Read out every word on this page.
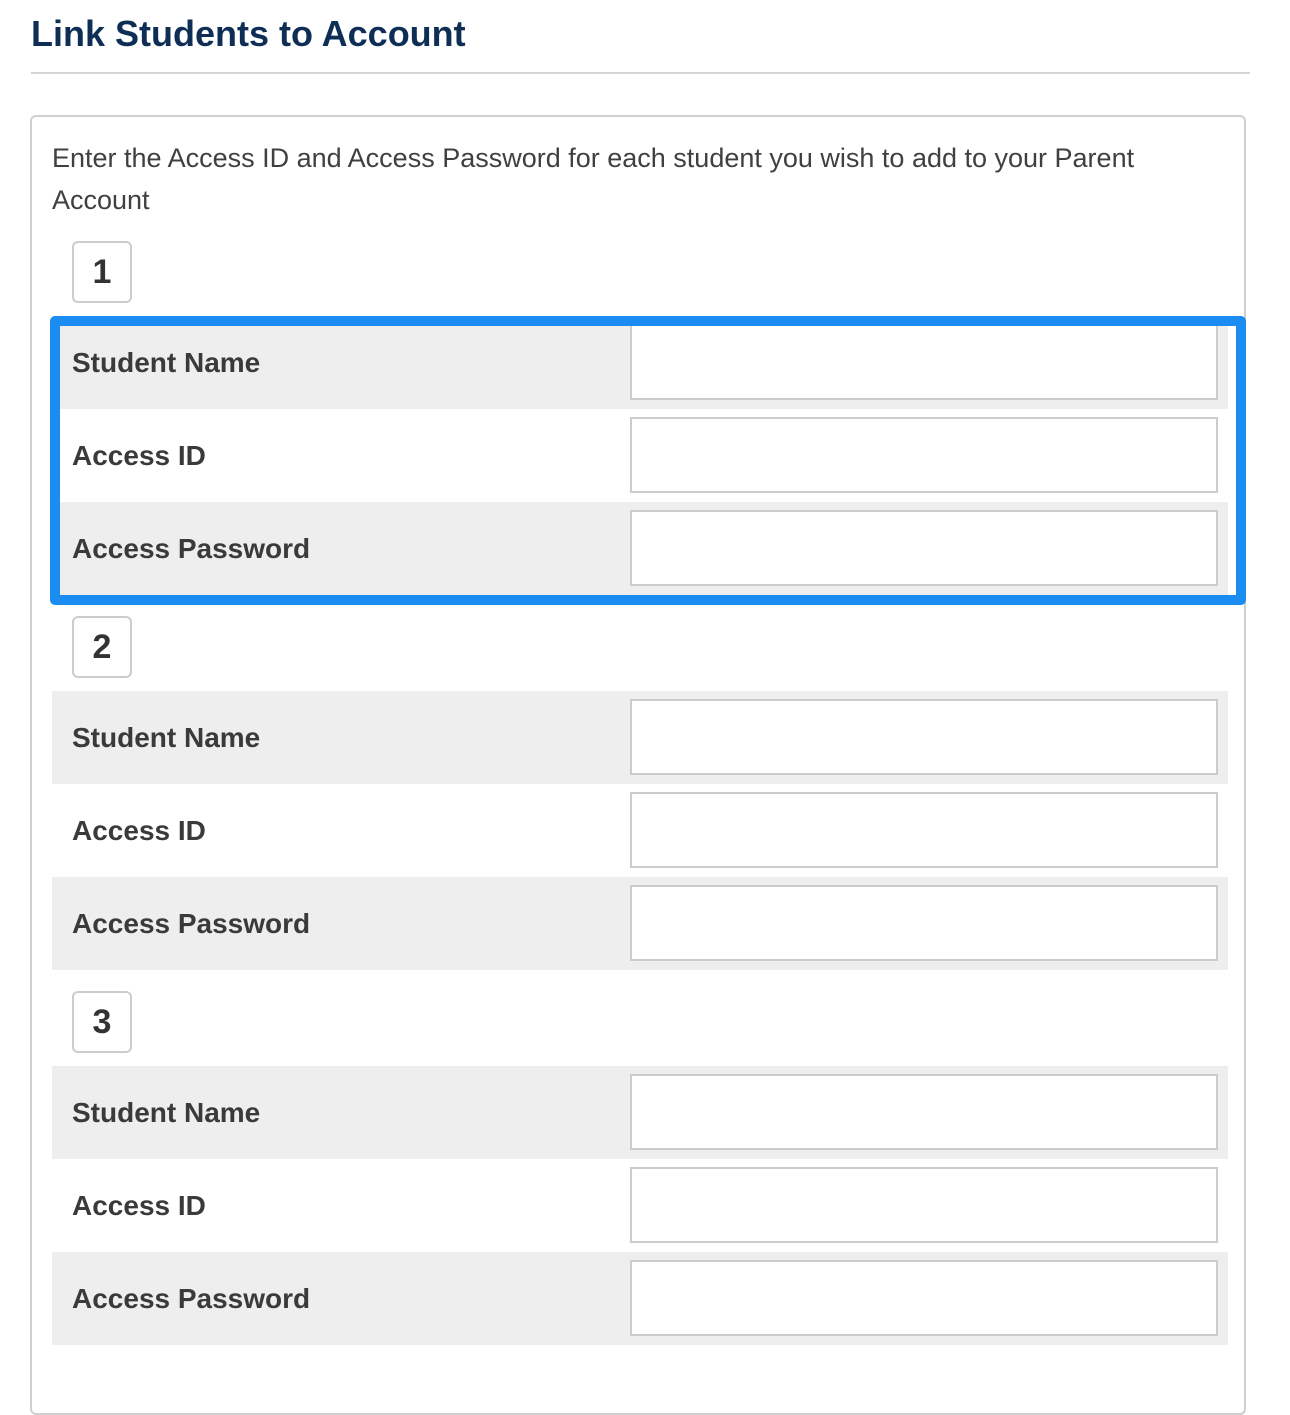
Link Students to Account

Enter the Access ID and Access Password for each student you wish to add to your Parent Account

1
Student Name
Access ID
Access Password
2
Student Name
Access ID
Access Password
3
Student Name
Access ID
Access Password
